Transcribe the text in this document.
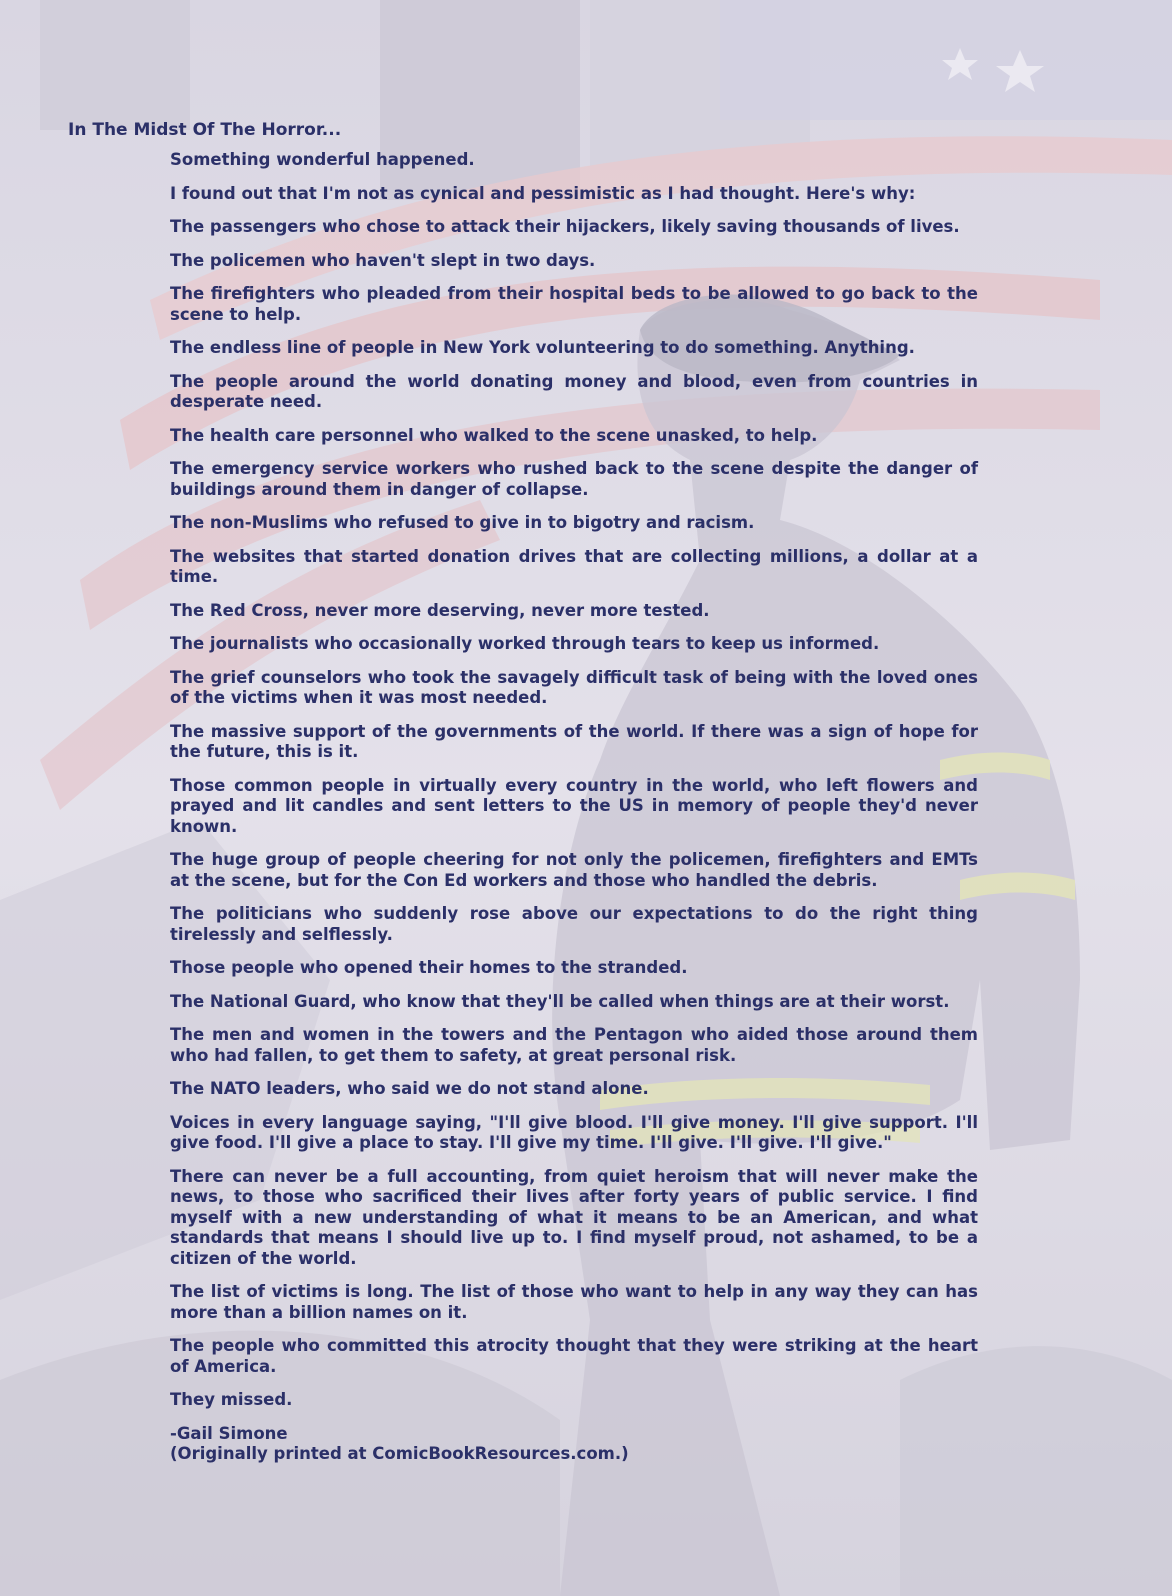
In The Midst Of The Horror...

Something wonderful happened.

I found out that I'm not as cynical and pessimistic as I had thought. Here's why:

The passengers who chose to attack their hijackers, likely saving thousands of lives.

The policemen who haven't slept in two days.

The firefighters who pleaded from their hospital beds to be allowed to go back to the scene to help.

The endless line of people in New York volunteering to do something. Anything.

The people around the world donating money and blood, even from countries in desperate need.

The health care personnel who walked to the scene unasked, to help.

The emergency service workers who rushed back to the scene despite the danger of buildings around them in danger of collapse.

The non-Muslims who refused to give in to bigotry and racism.

The websites that started donation drives that are collecting millions, a dollar at a time.

The Red Cross, never more deserving, never more tested.

The journalists who occasionally worked through tears to keep us informed.

The grief counselors who took the savagely difficult task of being with the loved ones of the victims when it was most needed.

The massive support of the governments of the world. If there was a sign of hope for the future, this is it.

Those common people in virtually every country in the world, who left flowers and prayed and lit candles and sent letters to the US in memory of people they'd never known.

The huge group of people cheering for not only the policemen, firefighters and EMTs at the scene, but for the Con Ed workers and those who handled the debris.

The politicians who suddenly rose above our expectations to do the right thing tirelessly and selflessly.

Those people who opened their homes to the stranded.

The National Guard, who know that they'll be called when things are at their worst.

The men and women in the towers and the Pentagon who aided those around them who had fallen, to get them to safety, at great personal risk.

The NATO leaders, who said we do not stand alone.

Voices in every language saying, "I'll give blood. I'll give money. I'll give support. I'll give food. I'll give a place to stay. I'll give my time. I'll give. I'll give. I'll give."

There can never be a full accounting, from quiet heroism that will never make the news, to those who sacrificed their lives after forty years of public service. I find myself with a new understanding of what it means to be an American, and what standards that means I should live up to. I find myself proud, not ashamed, to be a citizen of the world.

The list of victims is long. The list of those who want to help in any way they can has more than a billion names on it.

The people who committed this atrocity thought that they were striking at the heart of America.

They missed.

-Gail Simone

(Originally printed at ComicBookResources.com.)
